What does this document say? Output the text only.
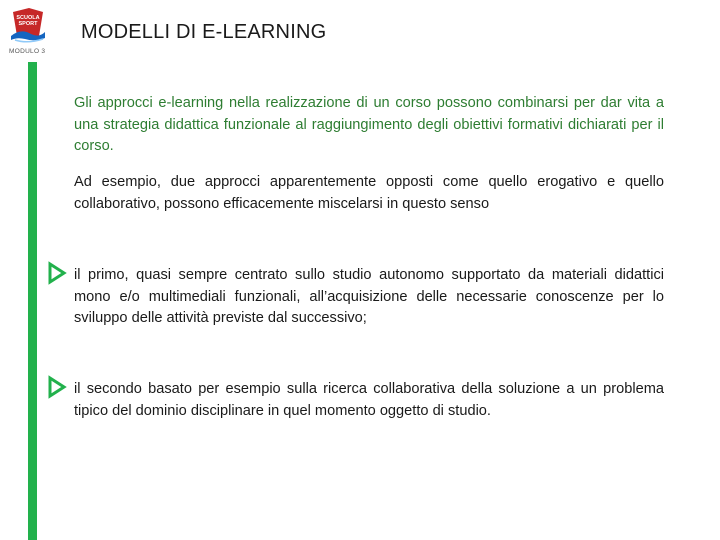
SCUOLA
SPORT
MODULO 3
MODELLI DI E-LEARNING

Gli approcci e-learning nella realizzazione di un corso possono combinarsi per dar vita a una strategia didattica funzionale al raggiungimento degli obiettivi formativi dichiarati per il corso.

Ad esempio, due approcci apparentemente opposti come quello erogativo e quello collaborativo, possono efficacemente miscelarsi in questo senso

il primo, quasi sempre centrato sullo studio autonomo supportato da materiali didattici mono e/o multimediali funzionali, all’acquisizione delle necessarie conoscenze per lo sviluppo delle attività previste dal successivo;

il secondo basato per esempio sulla ricerca collaborativa della soluzione a un problema tipico del dominio disciplinare in quel momento oggetto di studio.
